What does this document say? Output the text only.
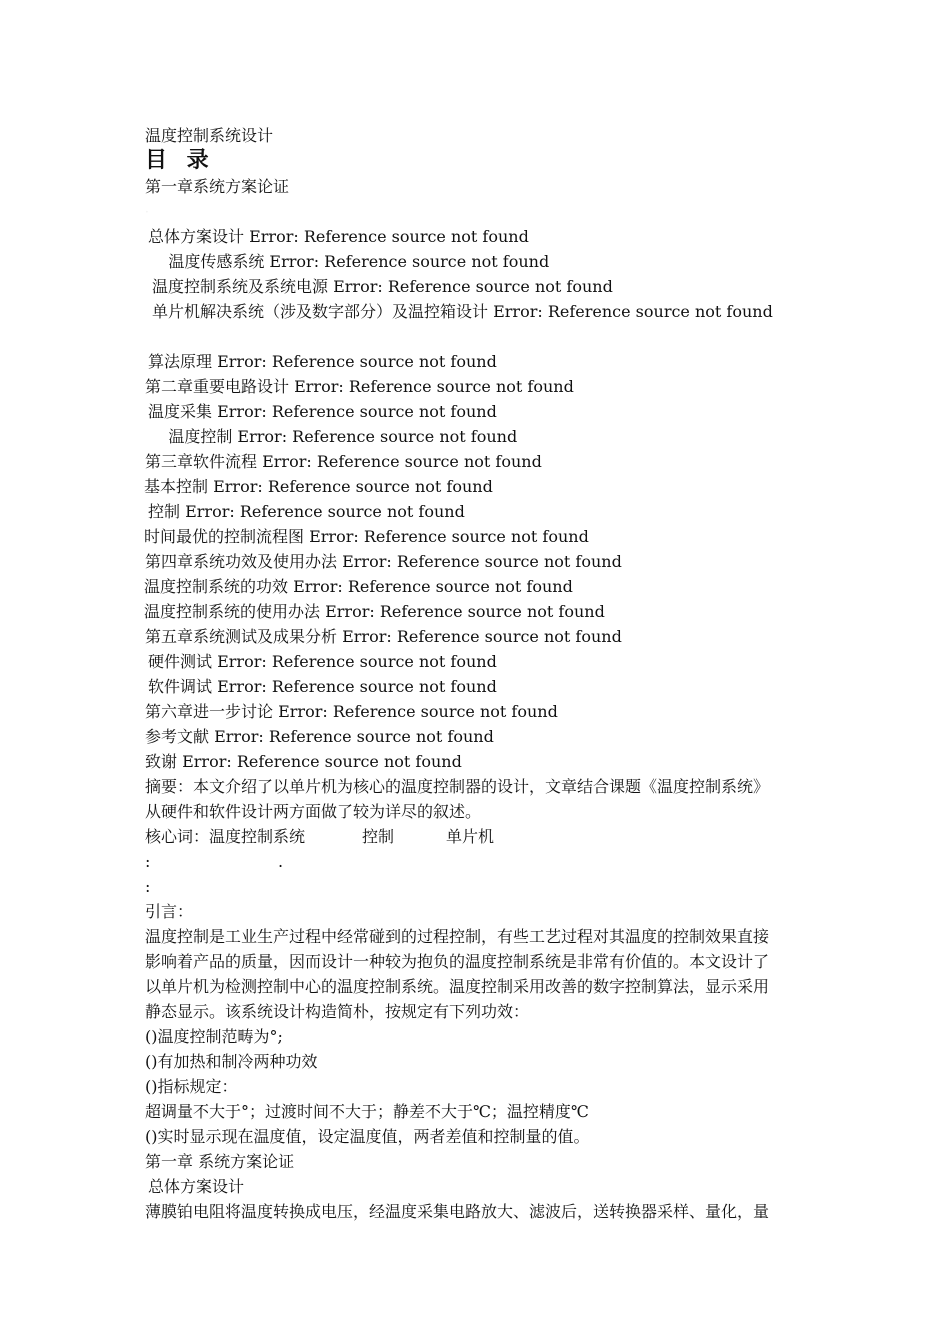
温度控制系统设计
目 录
第一章系统方案论证
·
总体方案设计 Error: Reference source not found
温度传感系统 Error: Reference source not found
温度控制系统及系统电源 Error: Reference source not found
单片机解决系统（涉及数字部分）及温控箱设计 Error: Reference source not found
算法原理 Error: Reference source not found
第二章重要电路设计 Error: Reference source not found
温度采集 Error: Reference source not found
温度控制 Error: Reference source not found
第三章软件流程 Error: Reference source not found
基本控制 Error: Reference source not found
控制 Error: Reference source not found
时间最优的控制流程图 Error: Reference source not found
第四章系统功效及使用办法 Error: Reference source not found
温度控制系统的功效 Error: Reference source not found
温度控制系统的使用办法 Error: Reference source not found
第五章系统测试及成果分析 Error: Reference source not found
硬件测试 Error: Reference source not found
软件调试 Error: Reference source not found
第六章进一步讨论 Error: Reference source not found
参考文献 Error: Reference source not found
致谢 Error: Reference source not found
摘要：本文介绍了以单片机为核心的温度控制器的设计，文章结合课题《温度控制系统》
从硬件和软件设计两方面做了较为详尽的叙述。
核心词：温度控制系统	控制	单片机
:	.
:
引言：
温度控制是工业生产过程中经常碰到的过程控制，有些工艺过程对其温度的控制效果直接
影响着产品的质量，因而设计一种较为抱负的温度控制系统是非常有价值的。本文设计了
以单片机为检测控制中心的温度控制系统。温度控制采用改善的数字控制算法，显示采用
静态显示。该系统设计构造简朴，按规定有下列功效：
()温度控制范畴为°;
()有加热和制冷两种功效
()指标规定：
超调量不大于°；过渡时间不大于；静差不大于℃；温控精度℃
()实时显示现在温度值，设定温度值，两者差值和控制量的值。
第一章 系统方案论证
总体方案设计
薄膜铂电阻将温度转换成电压，经温度采集电路放大、滤波后，送转换器采样、量化，量
